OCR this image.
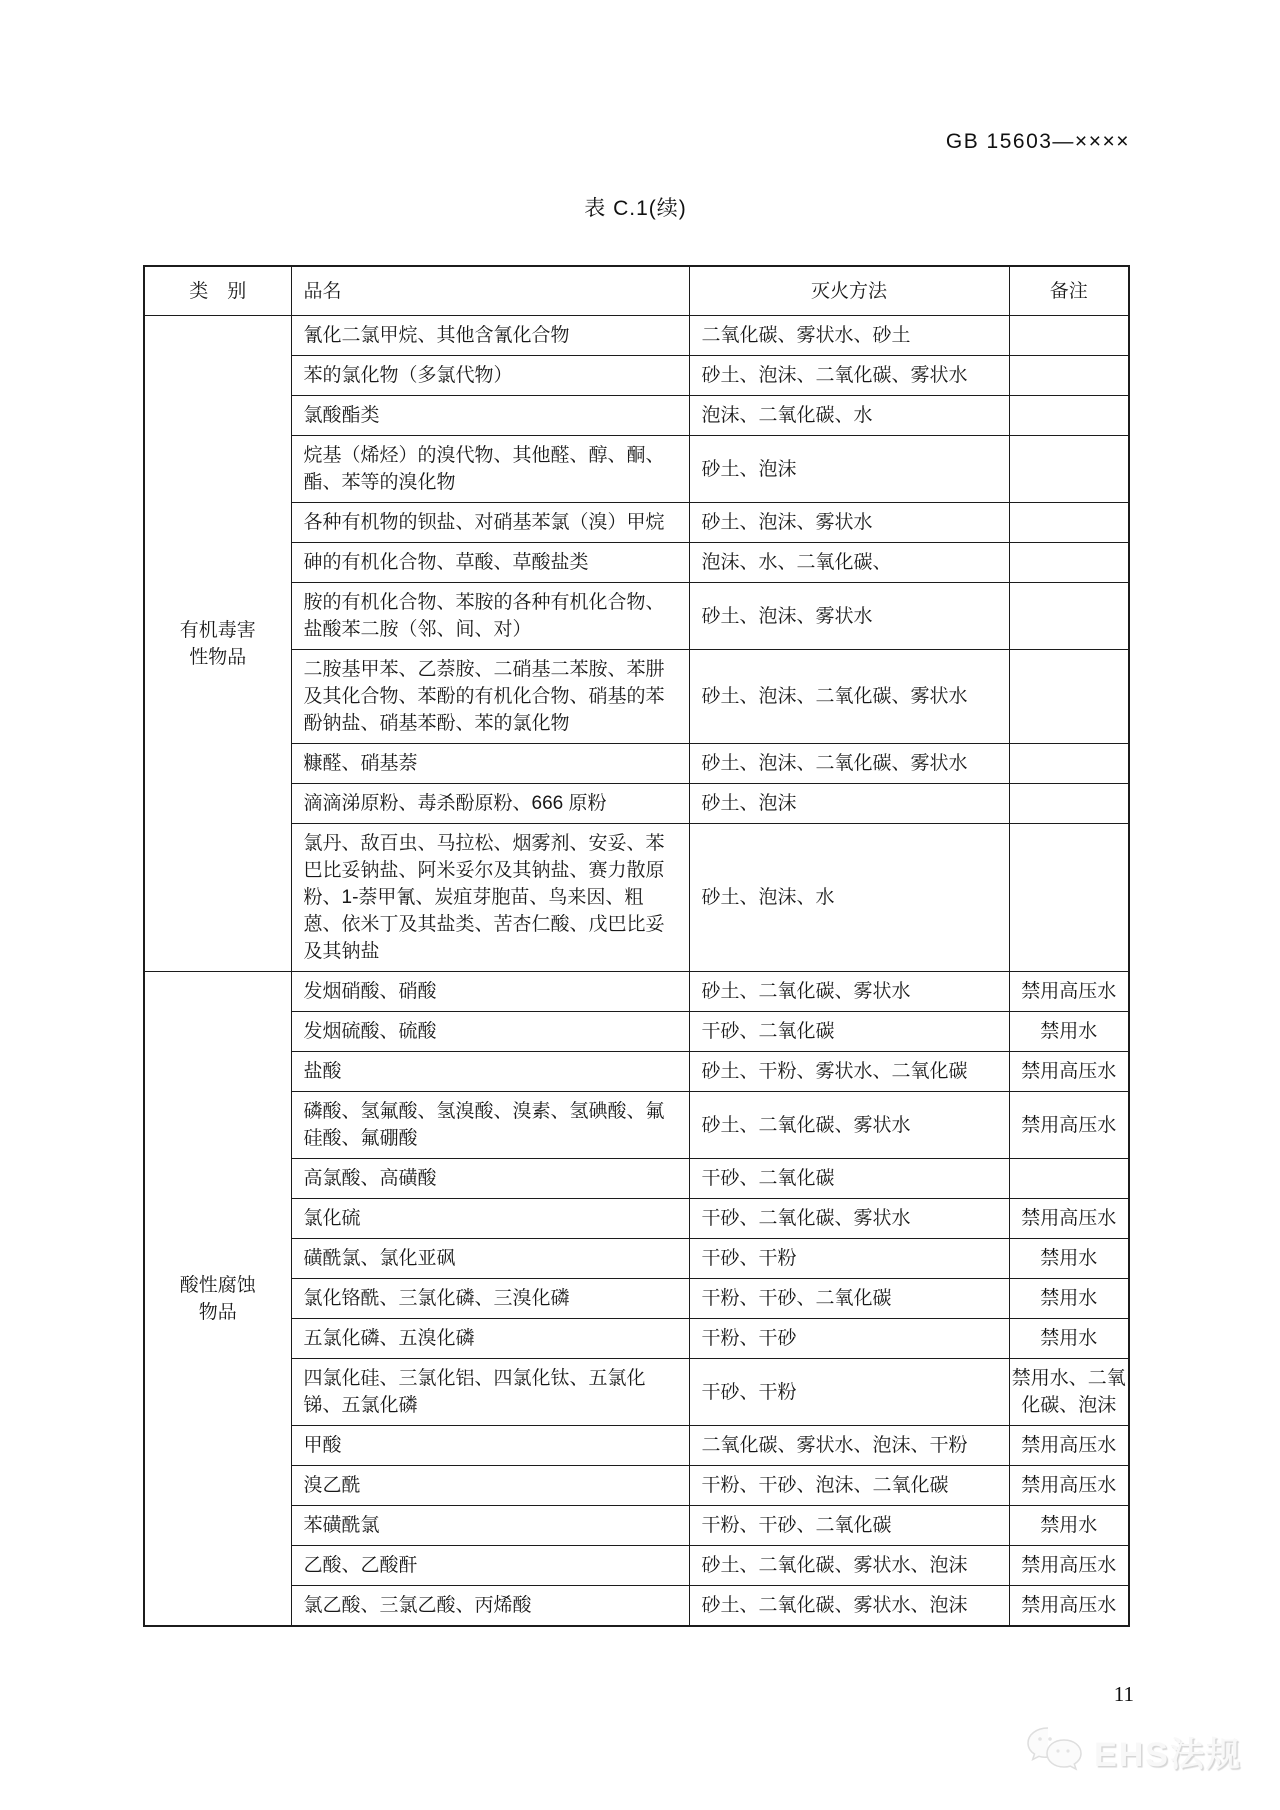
GB 15603—××××
表 C.1(续)
类　别	品名	灭火方法	备注
有机毒害性物品	氰化二氯甲烷、其他含氰化合物	二氧化碳、雾状水、砂土	
	苯的氯化物（多氯代物）	砂土、泡沫、二氧化碳、雾状水	
	氯酸酯类	泡沫、二氧化碳、水	
	烷基（烯烃）的溴代物、其他醛、醇、酮、酯、苯等的溴化物	砂土、泡沫	
	各种有机物的钡盐、对硝基苯氯（溴）甲烷	砂土、泡沫、雾状水	
	砷的有机化合物、草酸、草酸盐类	泡沫、水、二氧化碳、	
	胺的有机化合物、苯胺的各种有机化合物、盐酸苯二胺（邻、间、对）	砂土、泡沫、雾状水	
	二胺基甲苯、乙萘胺、二硝基二苯胺、苯肼及其化合物、苯酚的有机化合物、硝基的苯酚钠盐、硝基苯酚、苯的氯化物	砂土、泡沫、二氧化碳、雾状水	
	糠醛、硝基萘	砂土、泡沫、二氧化碳、雾状水	
	滴滴涕原粉、毒杀酚原粉、666 原粉	砂土、泡沫	
	氯丹、敌百虫、马拉松、烟雾剂、安妥、苯巴比妥钠盐、阿米妥尔及其钠盐、赛力散原粉、1-萘甲氰、炭疽芽胞苗、鸟来因、粗蒽、依米丁及其盐类、苦杏仁酸、戊巴比妥及其钠盐	砂土、泡沫、水	
酸性腐蚀物品	发烟硝酸、硝酸	砂土、二氧化碳、雾状水	禁用高压水
	发烟硫酸、硫酸	干砂、二氧化碳	禁用水
	盐酸	砂土、干粉、雾状水、二氧化碳	禁用高压水
	磷酸、氢氟酸、氢溴酸、溴素、氢碘酸、氟硅酸、氟硼酸	砂土、二氧化碳、雾状水	禁用高压水
	高氯酸、高磺酸	干砂、二氧化碳	
	氯化硫	干砂、二氧化碳、雾状水	禁用高压水
	磺酰氯、氯化亚砜	干砂、干粉	禁用水
	氯化铬酰、三氯化磷、三溴化磷	干粉、干砂、二氧化碳	禁用水
	五氯化磷、五溴化磷	干粉、干砂	禁用水
	四氯化硅、三氯化铝、四氯化钛、五氯化锑、五氯化磷	干砂、干粉	禁用水、二氧化碳、泡沫
	甲酸	二氧化碳、雾状水、泡沫、干粉	禁用高压水
	溴乙酰	干粉、干砂、泡沫、二氧化碳	禁用高压水
	苯磺酰氯	干粉、干砂、二氧化碳	禁用水
	乙酸、乙酸酐	砂土、二氧化碳、雾状水、泡沫	禁用高压水
	氯乙酸、三氯乙酸、丙烯酸	砂土、二氧化碳、雾状水、泡沫	禁用高压水
11
EHS法规
